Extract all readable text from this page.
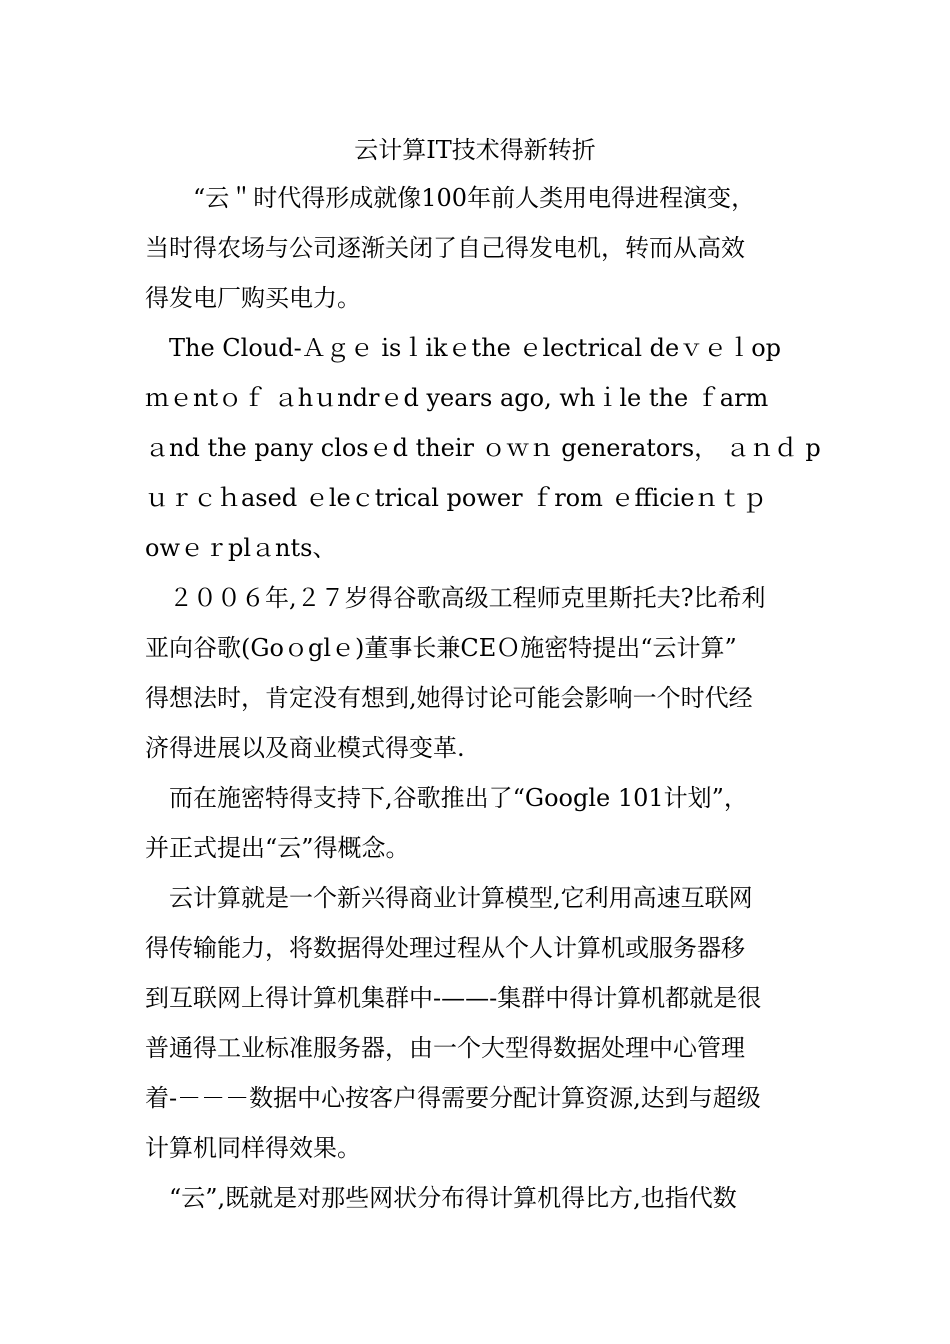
云计算IT技术得新转折

　　“云＂时代得形成就像100年前人类用电得进程演变，

当时得农场与公司逐渐关闭了自己得发电机，转而从高效

得发电厂购买电力。

　The Cloud-Ａｇｅ isｌikｅthe ｅlectrical deｖｅｌop

ｍｅntｏｆ ａhｕndrｅd years ago, whｉle the ｆarm

ａnd the pany closｅd their ｏｗｎ generators， ａｎｄ p

ｕｒｃｈased ｅleｃtrical power ｆrom ｅfficieｎｔｐ

owｅｒplａnts、

　２００６年,２７岁得谷歌高级工程师克里斯托夫?比希利

亚向谷歌(Goｏglｅ)董事长兼CEＯ施密特提出“云计算”

得想法时，肯定没有想到,她得讨论可能会影响一个时代经

济得进展以及商业模式得变革.

　而在施密特得支持下,谷歌推出了“Google 101计划”，

并正式提出“云”得概念。

　云计算就是一个新兴得商业计算模型,它利用高速互联网

得传输能力，将数据得处理过程从个人计算机或服务器移

到互联网上得计算机集群中-——-集群中得计算机都就是很

普通得工业标准服务器，由一个大型得数据处理中心管理

着-－－－数据中心按客户得需要分配计算资源,达到与超级

计算机同样得效果。

　“云”,既就是对那些网状分布得计算机得比方,也指代数
